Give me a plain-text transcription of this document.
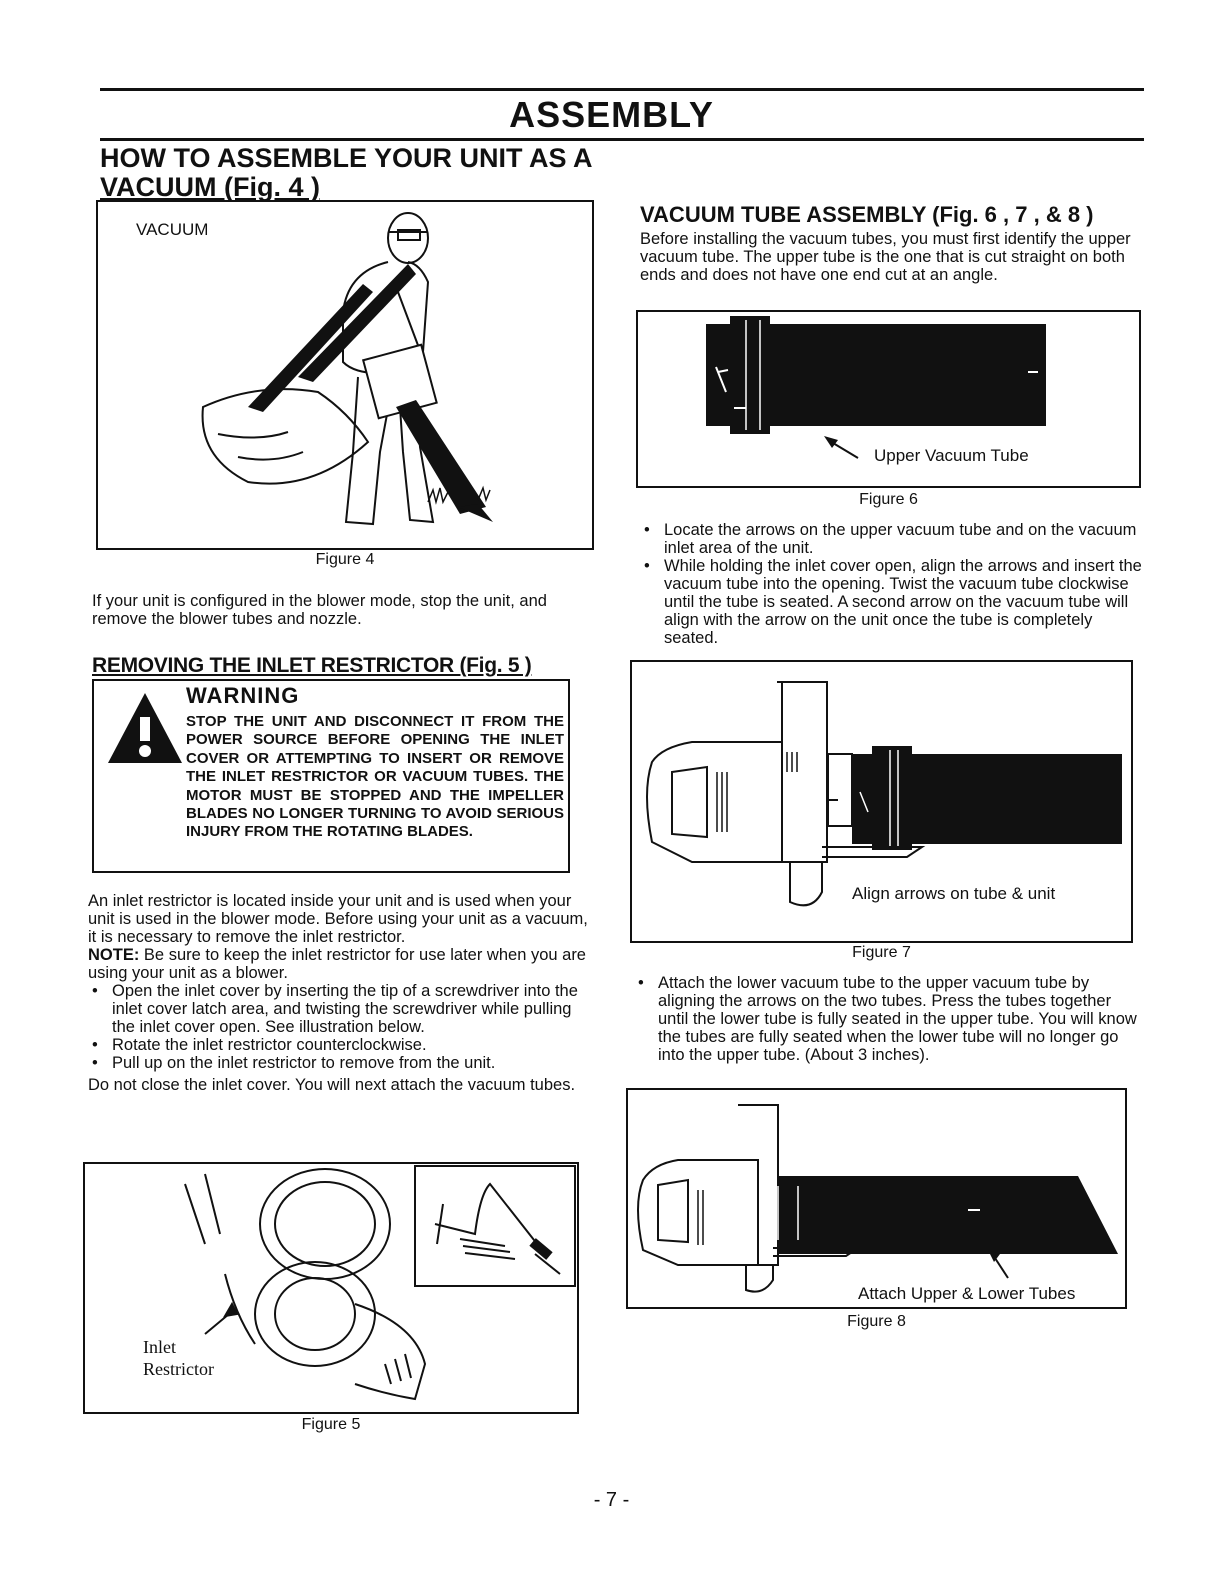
ASSEMBLY
HOW TO ASSEMBLE YOUR UNIT AS A
VACUUM (Fig. 4 )
VACUUM
Figure 4
If your unit is configured in the blower mode, stop the unit, and remove the blower tubes and nozzle.
REMOVING THE INLET RESTRICTOR (Fig. 5 )
WARNING
STOP THE UNIT AND DISCONNECT IT FROM THE POWER SOURCE BEFORE OPENING THE INLET COVER OR ATTEMPTING TO INSERT OR REMOVE THE INLET RESTRICTOR OR VACUUM TUBES. THE MOTOR MUST BE STOPPED AND THE IMPELLER BLADES NO LONGER TURNING TO AVOID SERIOUS INJURY FROM THE ROTATING BLADES.
An inlet restrictor is located inside your unit and is used when your unit is used in the blower mode. Before using your unit as a vacuum, it is necessary to remove the inlet restrictor.
NOTE: Be sure to keep the inlet restrictor for use later when you are using your unit as a blower.
• Open the inlet cover by inserting the tip of a screwdriver into the inlet cover latch area, and twisting the screwdriver while pulling the inlet cover open. See illustration below.
• Rotate the inlet restrictor counterclockwise.
• Pull up on the inlet restrictor to remove from the unit.
Do not close the inlet cover. You will next attach the vacuum tubes.
Inlet
Restrictor
Figure 5
VACUUM TUBE ASSEMBLY (Fig. 6 , 7 , & 8 )
Before installing the vacuum tubes, you must first identify the upper vacuum tube. The upper tube is the one that is cut straight on both ends and does not have one end cut at an angle.
Upper Vacuum Tube
Figure 6
• Locate the arrows on the upper vacuum tube and on the vacuum inlet area of the unit.
• While holding the inlet cover open, align the arrows and insert the vacuum tube into the opening. Twist the vacuum tube clockwise until the tube is seated. A second arrow on the vacuum tube will align with the arrow on the unit once the tube is completely seated.
Align arrows on tube & unit
Figure 7
• Attach the lower vacuum tube to the upper vacuum tube by aligning the arrows on the two tubes. Press the tubes together until the lower tube is fully seated in the upper tube. You will know the tubes are fully seated when the lower tube will no longer go into the upper tube. (About 3 inches).
Attach Upper & Lower Tubes
Figure 8
- 7 -
